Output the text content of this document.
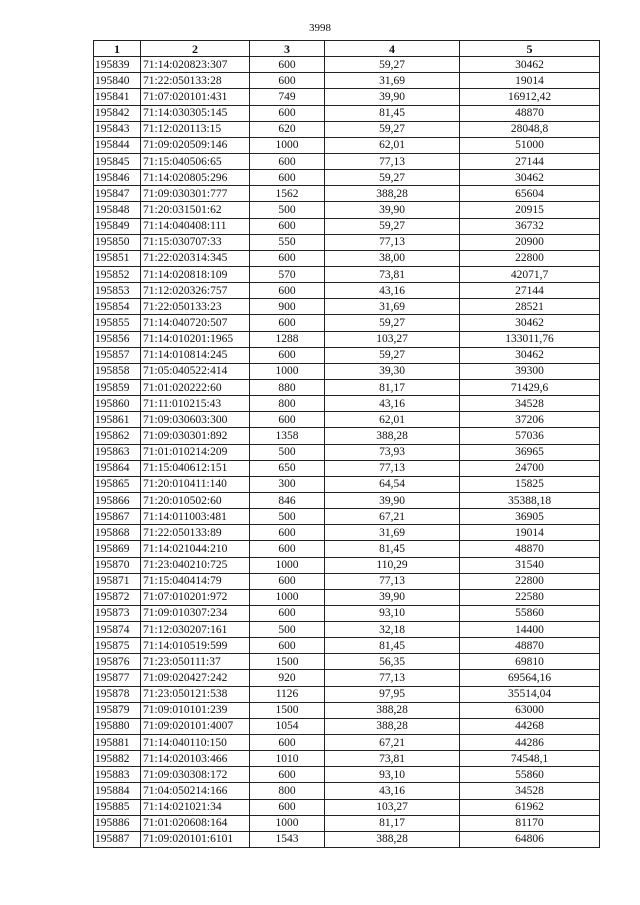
3998
1	2	3	4	5
195839	71:14:020823:307	600	59,27	30462
195840	71:22:050133:28	600	31,69	19014
195841	71:07:020101:431	749	39,90	16912,42
195842	71:14:030305:145	600	81,45	48870
195843	71:12:020113:15	620	59,27	28048,8
195844	71:09:020509:146	1000	62,01	51000
195845	71:15:040506:65	600	77,13	27144
195846	71:14:020805:296	600	59,27	30462
195847	71:09:030301:777	1562	388,28	65604
195848	71:20:031501:62	500	39,90	20915
195849	71:14:040408:111	600	59,27	36732
195850	71:15:030707:33	550	77,13	20900
195851	71:22:020314:345	600	38,00	22800
195852	71:14:020818:109	570	73,81	42071,7
195853	71:12:020326:757	600	43,16	27144
195854	71:22:050133:23	900	31,69	28521
195855	71:14:040720:507	600	59,27	30462
195856	71:14:010201:1965	1288	103,27	133011,76
195857	71:14:010814:245	600	59,27	30462
195858	71:05:040522:414	1000	39,30	39300
195859	71:01:020222:60	880	81,17	71429,6
195860	71:11:010215:43	800	43,16	34528
195861	71:09:030603:300	600	62,01	37206
195862	71:09:030301:892	1358	388,28	57036
195863	71:01:010214:209	500	73,93	36965
195864	71:15:040612:151	650	77,13	24700
195865	71:20:010411:140	300	64,54	15825
195866	71:20:010502:60	846	39,90	35388,18
195867	71:14:011003:481	500	67,21	36905
195868	71:22:050133:89	600	31,69	19014
195869	71:14:021044:210	600	81,45	48870
195870	71:23:040210:725	1000	110,29	31540
195871	71:15:040414:79	600	77,13	22800
195872	71:07:010201:972	1000	39,90	22580
195873	71:09:010307:234	600	93,10	55860
195874	71:12:030207:161	500	32,18	14400
195875	71:14:010519:599	600	81,45	48870
195876	71:23:050111:37	1500	56,35	69810
195877	71:09:020427:242	920	77,13	69564,16
195878	71:23:050121:538	1126	97,95	35514,04
195879	71:09:010101:239	1500	388,28	63000
195880	71:09:020101:4007	1054	388,28	44268
195881	71:14:040110:150	600	67,21	44286
195882	71:14:020103:466	1010	73,81	74548,1
195883	71:09:030308:172	600	93,10	55860
195884	71:04:050214:166	800	43,16	34528
195885	71:14:021021:34	600	103,27	61962
195886	71:01:020608:164	1000	81,17	81170
195887	71:09:020101:6101	1543	388,28	64806
